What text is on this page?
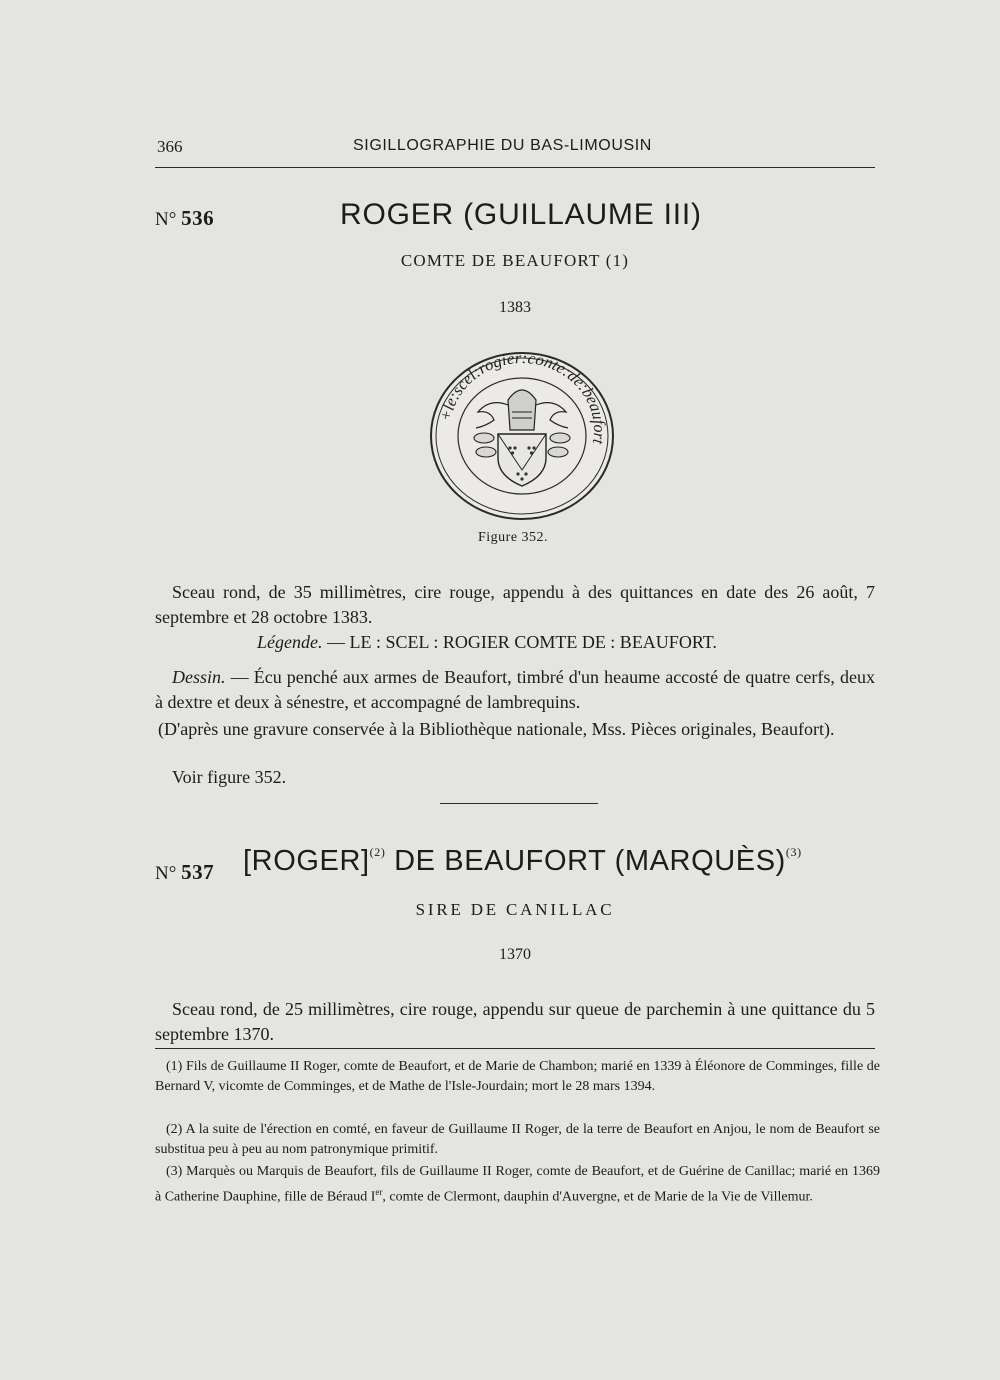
366	SIGILLOGRAPHIE DU BAS-LIMOUSIN
N° 536	ROGER (GUILLAUME III)
COMTE DE BEAUFORT (1)
1383
+le:scel:rogier:conte:de:beaufort
Figure 352.

Sceau rond, de 35 millimètres, cire rouge, appendu à des quittances en date des 26 août, 7 septembre et 28 octobre 1383.

Légende. — LE : SCEL : ROGIER COMTE DE : BEAUFORT.

Dessin. — Écu penché aux armes de Beaufort, timbré d'un heaume accosté de quatre cerfs, deux à dextre et deux à sénestre, et accompagné de lambrequins.

(D'après une gravure conservée à la Bibliothèque nationale, Mss. Pièces originales, Beaufort).

Voir figure 352.

N° 537 [ROGER]$^{(2)}$ DE BEAUFORT (MARQUÈS)$^{(3)}$
SIRE DE CANILLAC
1370

Sceau rond, de 25 millimètres, cire rouge, appendu sur queue de parchemin à une quittance du 5 septembre 1370.

(1) Fils de Guillaume II Roger, comte de Beaufort, et de Marie de Chambon; marié en 1339 à Éléonore de Comminges, fille de Bernard V, vicomte de Comminges, et de Mathe de l'Isle-Jourdain; mort le 28 mars 1394.

(2) A la suite de l'érection en comté, en faveur de Guillaume II Roger, de la terre de Beaufort en Anjou, le nom de Beaufort se substitua peu à peu au nom patronymique primitif.

(3) Marquès ou Marquis de Beaufort, fils de Guillaume II Roger, comte de Beaufort, et de Guérine de Canillac; marié en 1369 à Catherine Dauphine, fille de Béraud Ier, comte de Clermont, dauphin d'Auvergne, et de Marie de la Vie de Villemur.
